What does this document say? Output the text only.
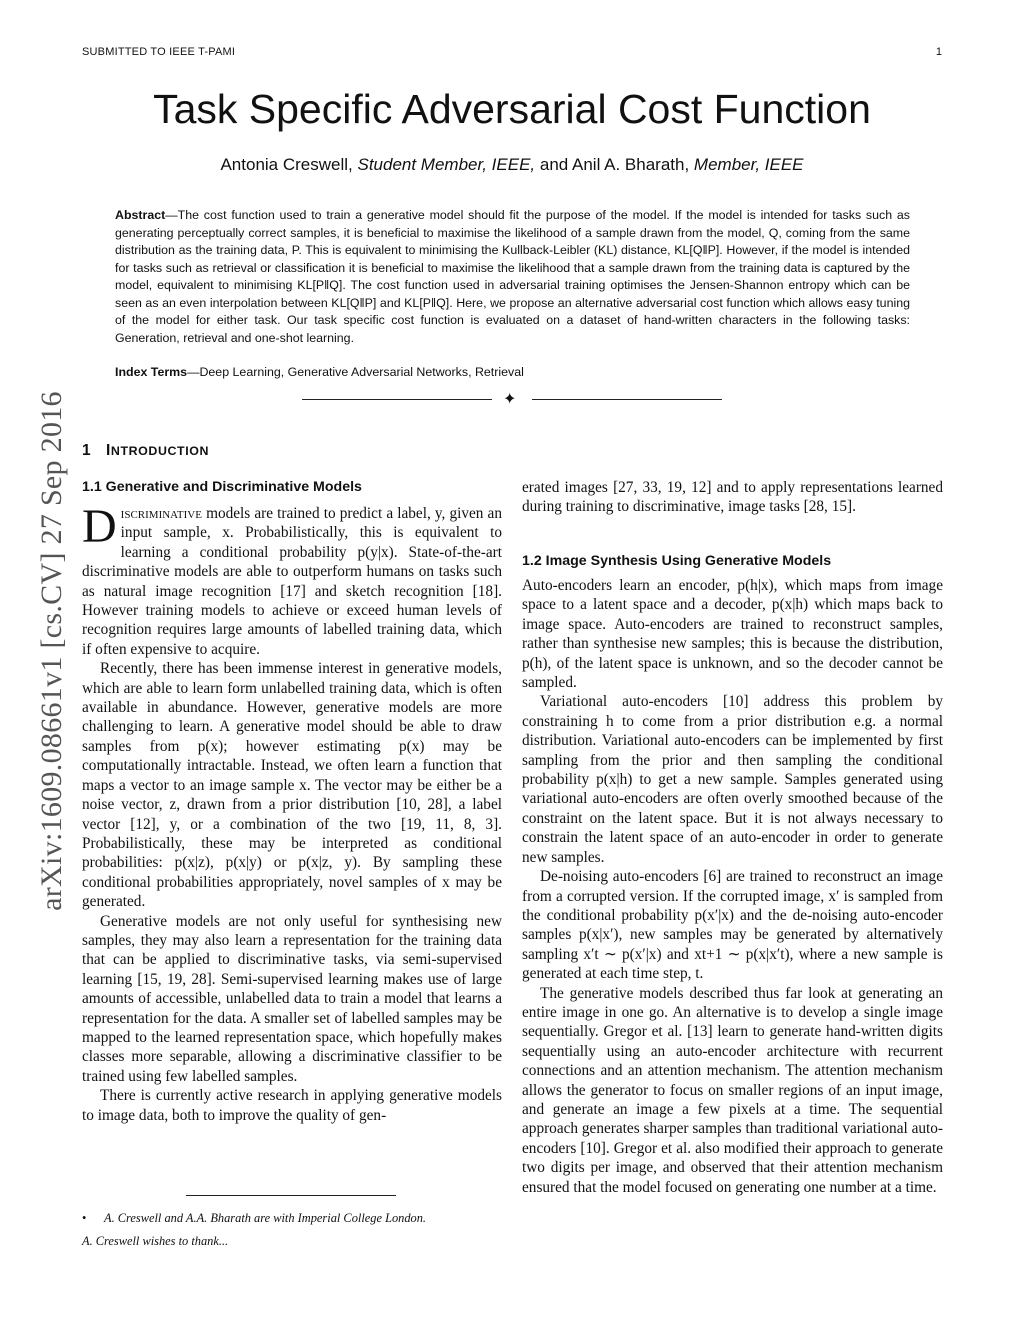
SUBMITTED TO IEEE T-PAMI	1
arXiv:1609.08661v1 [cs.CV] 27 Sep 2016
Task Specific Adversarial Cost Function
Antonia Creswell, Student Member, IEEE, and Anil A. Bharath, Member, IEEE
Abstract—The cost function used to train a generative model should fit the purpose of the model. If the model is intended for tasks such as generating perceptually correct samples, it is beneficial to maximise the likelihood of a sample drawn from the model, Q, coming from the same distribution as the training data, P. This is equivalent to minimising the Kullback-Leibler (KL) distance, KL[Q‖P]. However, if the model is intended for tasks such as retrieval or classification it is beneficial to maximise the likelihood that a sample drawn from the training data is captured by the model, equivalent to minimising KL[P‖Q]. The cost function used in adversarial training optimises the Jensen-Shannon entropy which can be seen as an even interpolation between KL[Q‖P] and KL[P‖Q]. Here, we propose an alternative adversarial cost function which allows easy tuning of the model for either task. Our task specific cost function is evaluated on a dataset of hand-written characters in the following tasks: Generation, retrieval and one-shot learning.
Index Terms—Deep Learning, Generative Adversarial Networks, Retrieval
✦
1 INTRODUCTION
1.1 Generative and Discriminative Models

Discriminative models are trained to predict a label, y, given an input sample, x. Probabilistically, this is equivalent to learning a conditional probability p(y|x). State-of-the-art discriminative models are able to outperform humans on tasks such as natural image recognition [17] and sketch recognition [18]. However training models to achieve or exceed human levels of recognition requires large amounts of labelled training data, which if often expensive to acquire.

Recently, there has been immense interest in generative models, which are able to learn form unlabelled training data, which is often available in abundance. However, generative models are more challenging to learn. A generative model should be able to draw samples from p(x); however estimating p(x) may be computationally intractable. Instead, we often learn a function that maps a vector to an image sample x. The vector may be either be a noise vector, z, drawn from a prior distribution [10, 28], a label vector [12], y, or a combination of the two [19, 11, 8, 3]. Probabilistically, these may be interpreted as conditional probabilities: p(x|z), p(x|y) or p(x|z, y). By sampling these conditional probabilities appropriately, novel samples of x may be generated.

Generative models are not only useful for synthesising new samples, they may also learn a representation for the training data that can be applied to discriminative tasks, via semi-supervised learning [15, 19, 28]. Semi-supervised learning makes use of large amounts of accessible, unlabelled data to train a model that learns a representation for the data. A smaller set of labelled samples may be mapped to the learned representation space, which hopefully makes classes more separable, allowing a discriminative classifier to be trained using few labelled samples.

There is currently active research in applying generative models to image data, both to improve the quality of gen-

• A. Creswell and A.A. Bharath are with Imperial College London.
A. Creswell wishes to thank...

erated images [27, 33, 19, 12] and to apply representations learned during training to discriminative, image tasks [28, 15].

1.2 Image Synthesis Using Generative Models

Auto-encoders learn an encoder, p(h|x), which maps from image space to a latent space and a decoder, p(x|h) which maps back to image space. Auto-encoders are trained to reconstruct samples, rather than synthesise new samples; this is because the distribution, p(h), of the latent space is unknown, and so the decoder cannot be sampled.

Variational auto-encoders [10] address this problem by constraining h to come from a prior distribution e.g. a normal distribution. Variational auto-encoders can be implemented by first sampling from the prior and then sampling the conditional probability p(x|h) to get a new sample. Samples generated using variational auto-encoders are often overly smoothed because of the constraint on the latent space. But it is not always necessary to constrain the latent space of an auto-encoder in order to generate new samples.

De-noising auto-encoders [6] are trained to reconstruct an image from a corrupted version. If the corrupted image, x′ is sampled from the conditional probability p(x′|x) and the de-noising auto-encoder samples p(x|x′), new samples may be generated by alternatively sampling x′t ∼ p(x′|x) and xt+1 ∼ p(x|x′t), where a new sample is generated at each time step, t.

The generative models described thus far look at generating an entire image in one go. An alternative is to develop a single image sequentially. Gregor et al. [13] learn to generate hand-written digits sequentially using an auto-encoder architecture with recurrent connections and an attention mechanism. The attention mechanism allows the generator to focus on smaller regions of an input image, and generate an image a few pixels at a time. The sequential approach generates sharper samples than traditional variational auto-encoders [10]. Gregor et al. also modified their approach to generate two digits per image, and observed that their attention mechanism ensured that the model focused on generating one number at a time.
